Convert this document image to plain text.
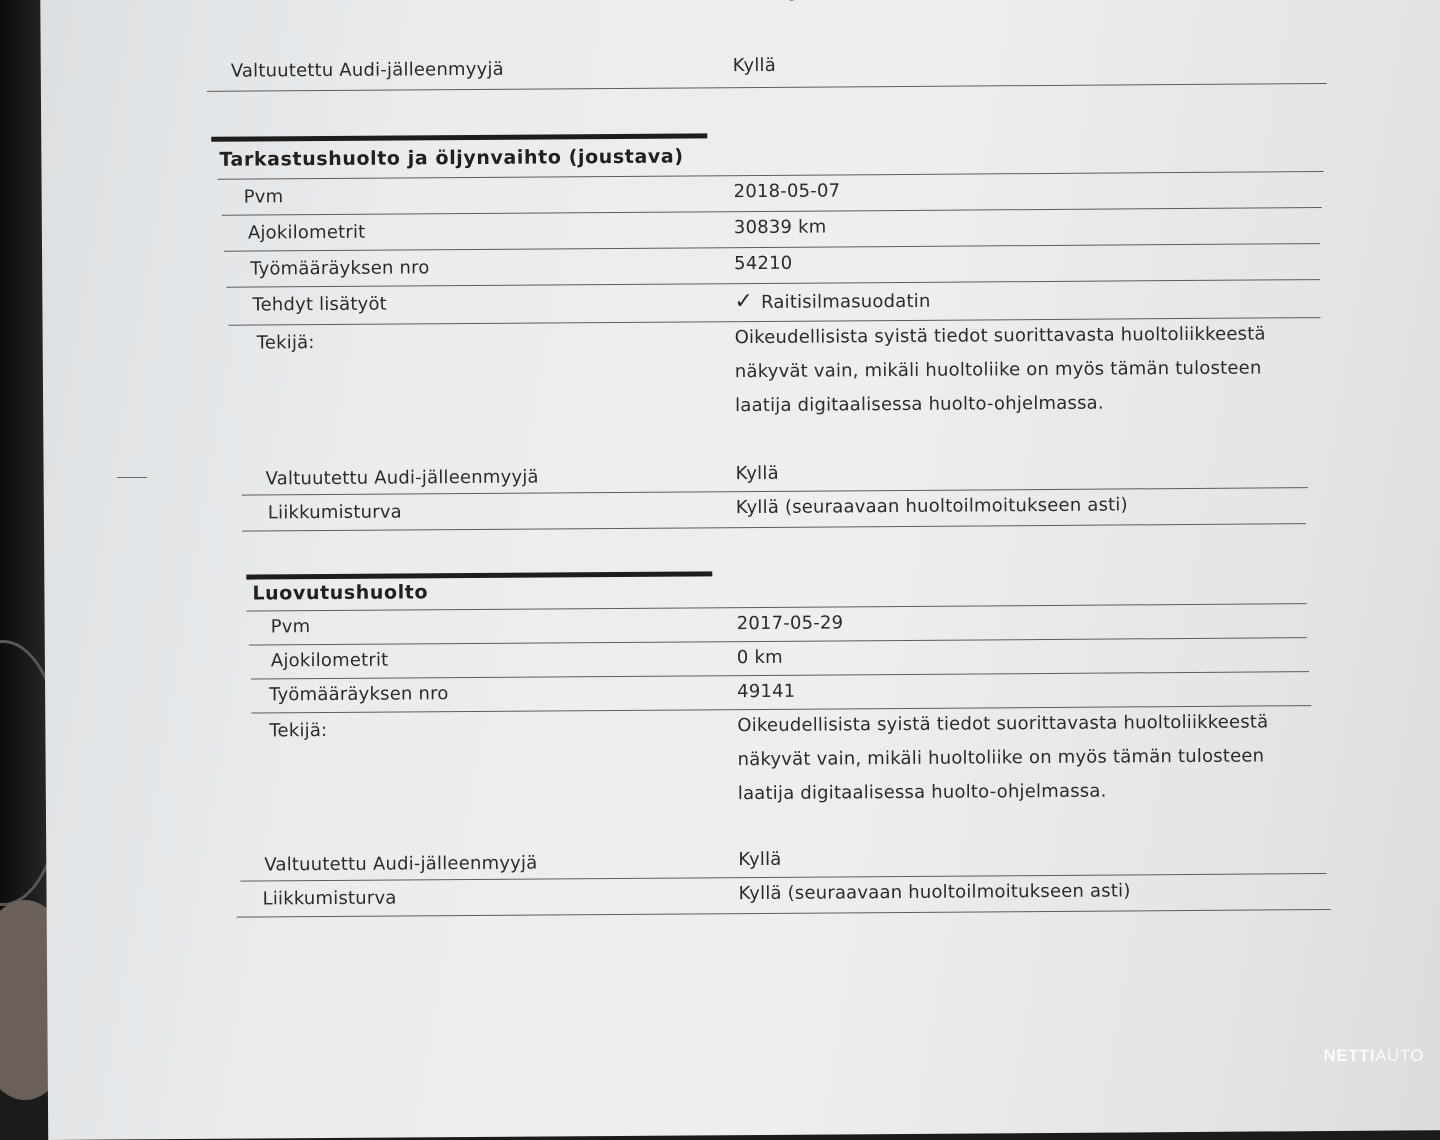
Valtuutettu Audi-jälleenmyyjä	Kyllä
Tarkastushuolto ja öljynvaihto (joustava)
Pvm	2018-05-07
Ajokilometrit	30839 km
Työmääräyksen nro	54210
Tehdyt lisätyöt	✓ Raitisilmasuodatin
Tekijä:	Oikeudellisista syistä tiedot suorittavasta huoltoliikkeestä näkyvät vain, mikäli huoltoliike on myös tämän tulosteen laatija digitaalisessa huolto-ohjelmassa.
Valtuutettu Audi-jälleenmyyjä	Kyllä
Liikkumisturva	Kyllä (seuraavaan huoltoilmoitukseen asti)
Luovutushuolto
Pvm	2017-05-29
Ajokilometrit	0 km
Työmääräyksen nro	49141
Tekijä:	Oikeudellisista syistä tiedot suorittavasta huoltoliikkeestä näkyvät vain, mikäli huoltoliike on myös tämän tulosteen laatija digitaalisessa huolto-ohjelmassa.
Valtuutettu Audi-jälleenmyyjä	Kyllä
Liikkumisturva	Kyllä (seuraavaan huoltoilmoitukseen asti)
NETTIAUTO
